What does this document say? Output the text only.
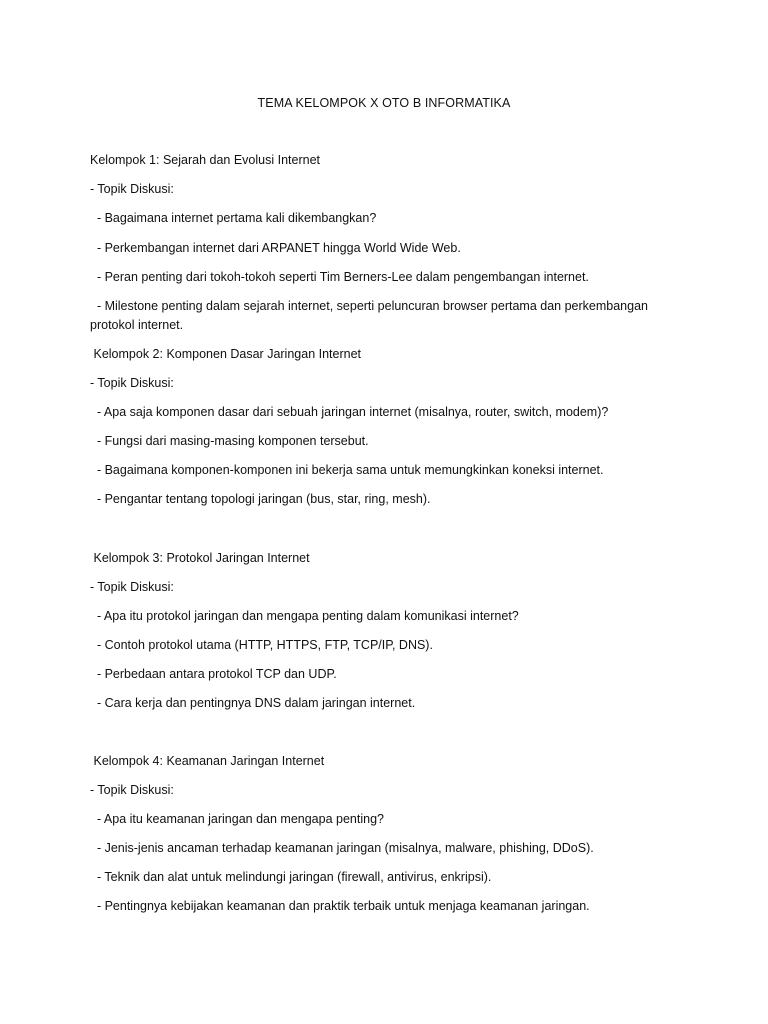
TEMA KELOMPOK X OTO B INFORMATIKA
Kelompok 1: Sejarah dan Evolusi Internet
- Topik Diskusi:
- Bagaimana internet pertama kali dikembangkan?
- Perkembangan internet dari ARPANET hingga World Wide Web.
- Peran penting dari tokoh-tokoh seperti Tim Berners-Lee dalam pengembangan internet.
- Milestone penting dalam sejarah internet, seperti peluncuran browser pertama dan perkembangan protokol internet.
Kelompok 2: Komponen Dasar Jaringan Internet
- Topik Diskusi:
- Apa saja komponen dasar dari sebuah jaringan internet (misalnya, router, switch, modem)?
- Fungsi dari masing-masing komponen tersebut.
- Bagaimana komponen-komponen ini bekerja sama untuk memungkinkan koneksi internet.
- Pengantar tentang topologi jaringan (bus, star, ring, mesh).
Kelompok 3: Protokol Jaringan Internet
- Topik Diskusi:
- Apa itu protokol jaringan dan mengapa penting dalam komunikasi internet?
- Contoh protokol utama (HTTP, HTTPS, FTP, TCP/IP, DNS).
- Perbedaan antara protokol TCP dan UDP.
- Cara kerja dan pentingnya DNS dalam jaringan internet.
Kelompok 4: Keamanan Jaringan Internet
- Topik Diskusi:
- Apa itu keamanan jaringan dan mengapa penting?
- Jenis-jenis ancaman terhadap keamanan jaringan (misalnya, malware, phishing, DDoS).
- Teknik dan alat untuk melindungi jaringan (firewall, antivirus, enkripsi).
- Pentingnya kebijakan keamanan dan praktik terbaik untuk menjaga keamanan jaringan.
